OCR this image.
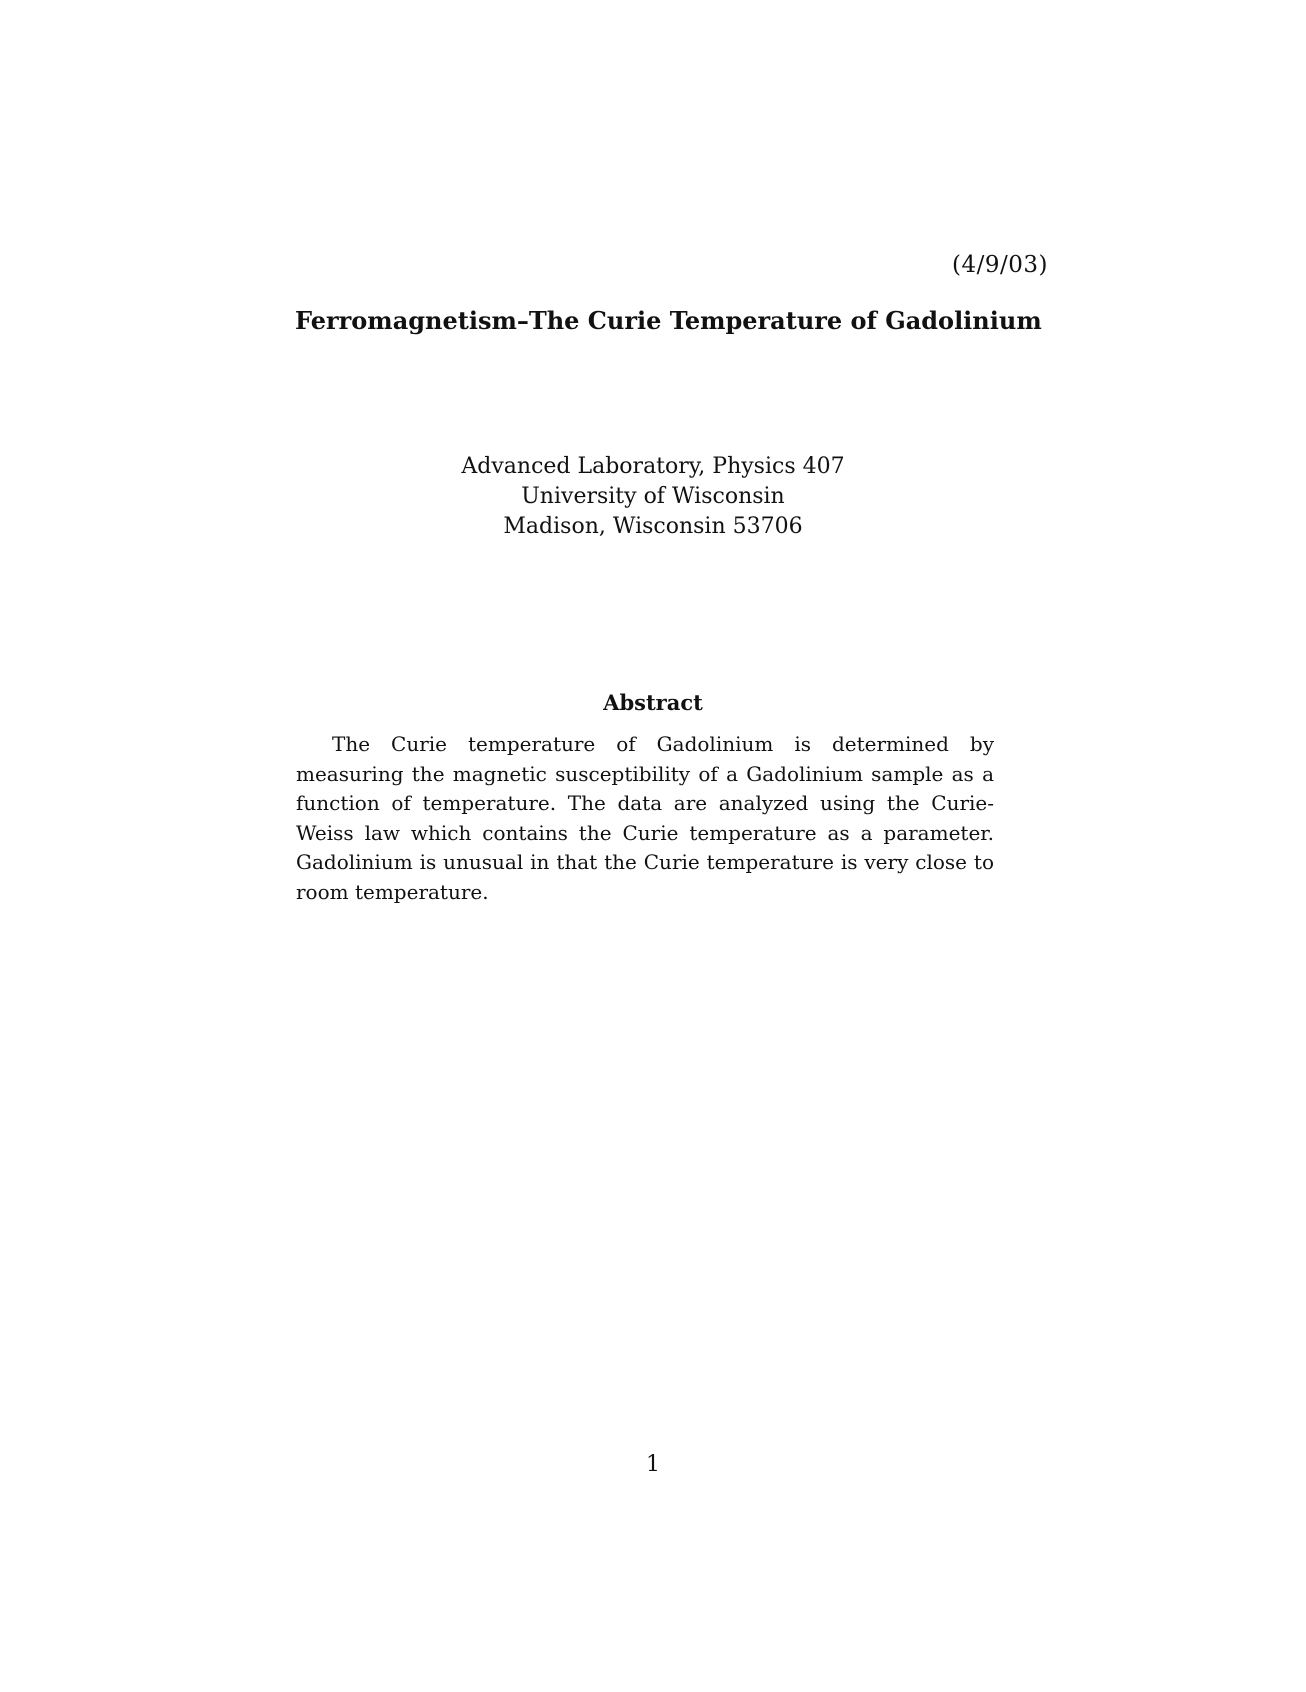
(4/9/03)
Ferromagnetism–The Curie Temperature of Gadolinium
Advanced Laboratory, Physics 407
University of Wisconsin
Madison, Wisconsin 53706
Abstract
The Curie temperature of Gadolinium is determined by measuring the magnetic susceptibility of a Gadolinium sample as a function of temperature. The data are analyzed using the Curie-Weiss law which contains the Curie temperature as a parameter. Gadolinium is unusual in that the Curie temperature is very close to room temperature.
1
